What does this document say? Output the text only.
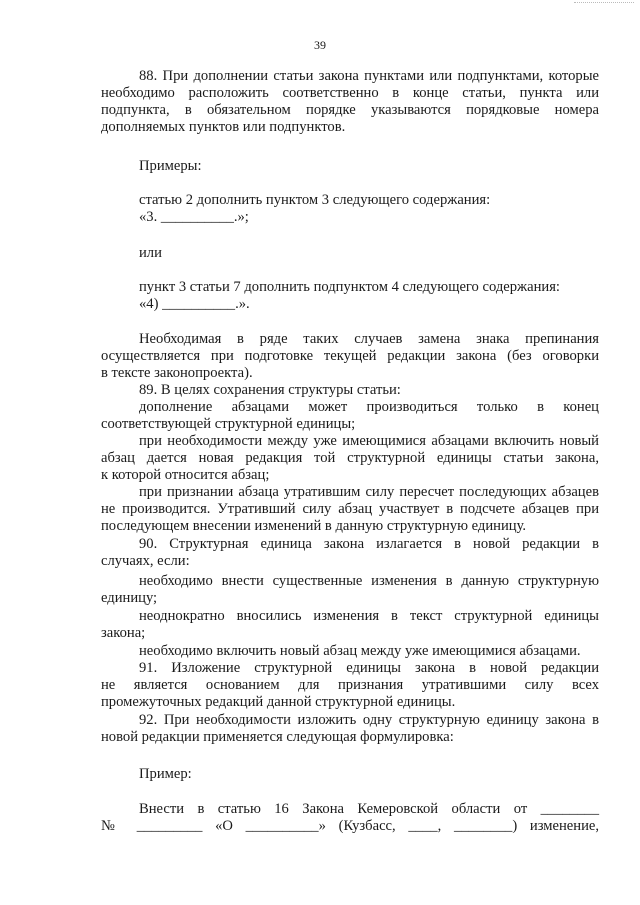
39
88. При дополнении статьи закона пунктами или подпунктами, которые
необходимо расположить соответственно в конце статьи, пункта или
подпункта, в обязательном порядке указываются порядковые номера
дополняемых пунктов или подпунктов.
Примеры:
статью 2 дополнить пунктом 3 следующего содержания:
«3. __________.»;
или
пункт 3 статьи 7 дополнить подпунктом 4 следующего содержания:
«4) __________.».
Необходимая в ряде таких случаев замена знака препинания
осуществляется при подготовке текущей редакции закона (без оговорки
в тексте законопроекта).
89. В целях сохранения структуры статьи:
дополнение абзацами может производиться только в конец
соответствующей структурной единицы;
при необходимости между уже имеющимися абзацами включить новый
абзац дается новая редакция той структурной единицы статьи закона,
к которой относится абзац;
при признании абзаца утратившим силу пересчет последующих абзацев
не производится. Утративший силу абзац участвует в подсчете абзацев при
последующем внесении изменений в данную структурную единицу.
90. Структурная единица закона излагается в новой редакции в
случаях, если:
необходимо внести существенные изменения в данную структурную
единицу;
неоднократно вносились изменения в текст структурной единицы
закона;
необходимо включить новый абзац между уже имеющимися абзацами.
91. Изложение структурной единицы закона в новой редакции
не является основанием для признания утратившими силу всех
промежуточных редакций данной структурной единицы.
92. При необходимости изложить одну структурную единицу закона в
новой редакции применяется следующая формулировка:
Пример:
Внести в статью 16 Закона Кемеровской области от ________
№ _________ «О __________» (Кузбасс, ____, ________) изменение,
